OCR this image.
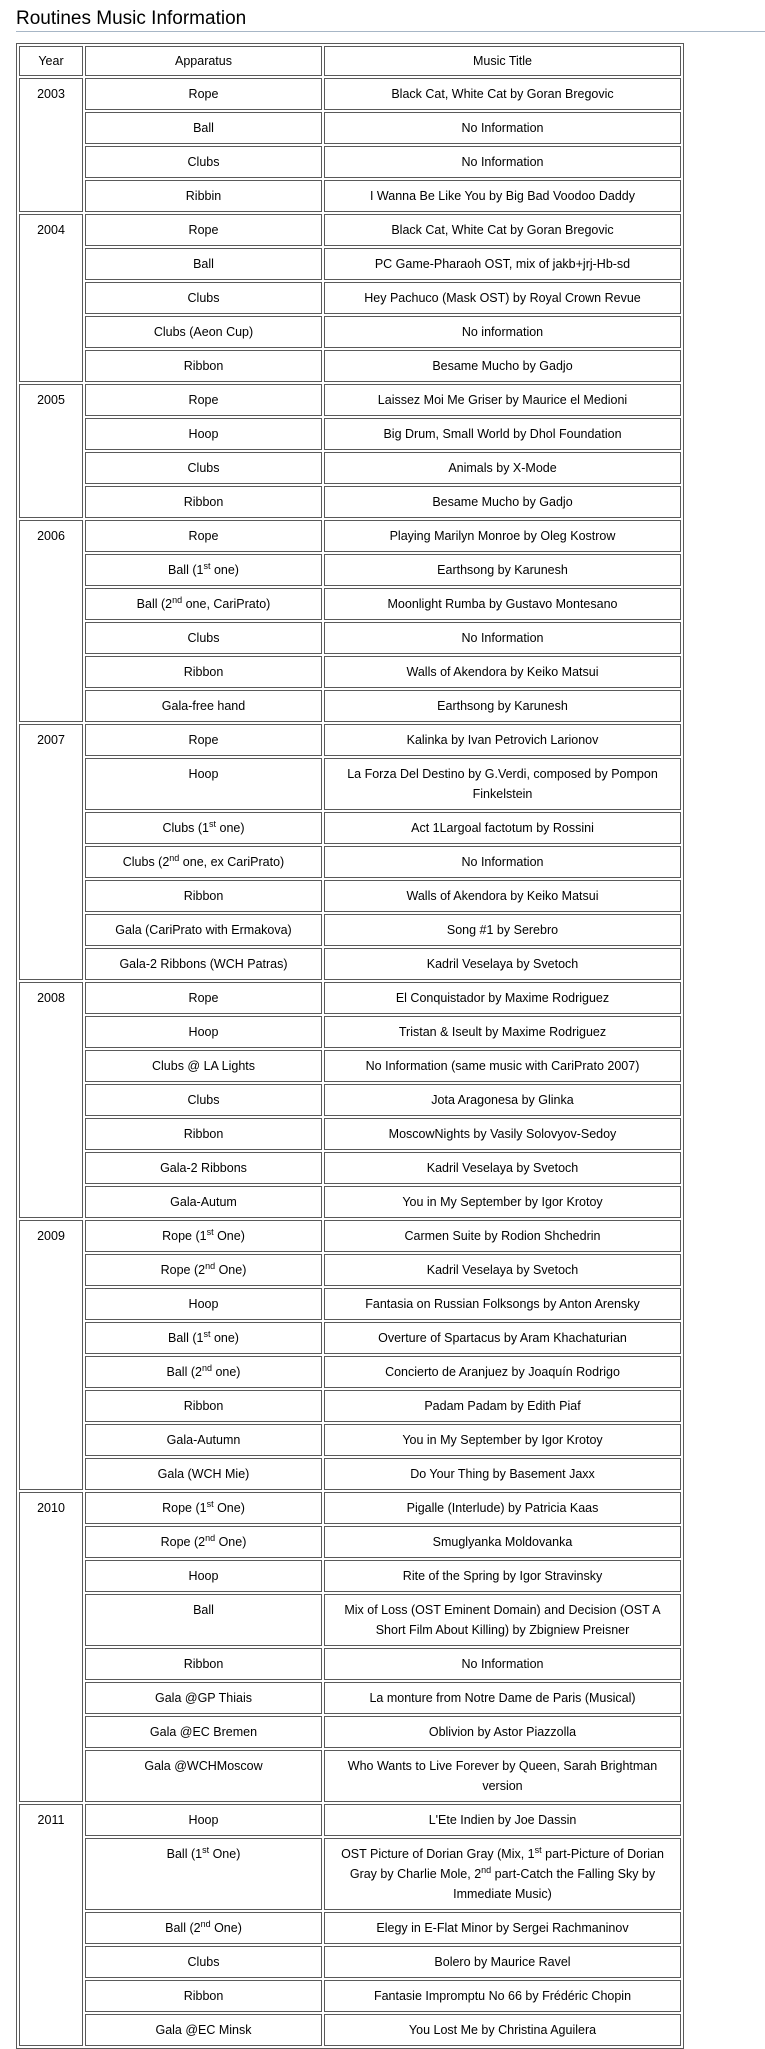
Routines Music Information
Year	Apparatus	Music Title
2003	Rope	Black Cat, White Cat by Goran Bregovic
	Ball	No Information
	Clubs	No Information
	Ribbin	I Wanna Be Like You by Big Bad Voodoo Daddy
2004	Rope	Black Cat, White Cat by Goran Bregovic
	Ball	PC Game-Pharaoh OST, mix of jakb+jrj-Hb-sd
	Clubs	Hey Pachuco (Mask OST) by Royal Crown Revue
	Clubs (Aeon Cup)	No information
	Ribbon	Besame Mucho by Gadjo
2005	Rope	Laissez Moi Me Griser by Maurice el Medioni
	Hoop	Big Drum, Small World by Dhol Foundation
	Clubs	Animals by X-Mode
	Ribbon	Besame Mucho by Gadjo
2006	Rope	Playing Marilyn Monroe by Oleg Kostrow
	Ball (1st one)	Earthsong by Karunesh
	Ball (2nd one, CariPrato)	Moonlight Rumba by Gustavo Montesano
	Clubs	No Information
	Ribbon	Walls of Akendora by Keiko Matsui
	Gala-free hand	Earthsong by Karunesh
2007	Rope	Kalinka by Ivan Petrovich Larionov
	Hoop	La Forza Del Destino by G.Verdi, composed by Pompon Finkelstein
	Clubs (1st one)	Act 1Largoal factotum by Rossini
	Clubs (2nd one, ex CariPrato)	No Information
	Ribbon	Walls of Akendora by Keiko Matsui
	Gala (CariPrato with Ermakova)	Song #1 by Serebro
	Gala-2 Ribbons (WCH Patras)	Kadril Veselaya by Svetoch
2008	Rope	El Conquistador by Maxime Rodriguez
	Hoop	Tristan & Iseult by Maxime Rodriguez
	Clubs @ LA Lights	No Information (same music with CariPrato 2007)
	Clubs	Jota Aragonesa by Glinka
	Ribbon	MoscowNights by Vasily Solovyov-Sedoy
	Gala-2 Ribbons	Kadril Veselaya by Svetoch
	Gala-Autum	You in My September by Igor Krotoy
2009	Rope (1st One)	Carmen Suite by Rodion Shchedrin
	Rope (2nd One)	Kadril Veselaya by Svetoch
	Hoop	Fantasia on Russian Folksongs by Anton Arensky
	Ball (1st one)	Overture of Spartacus by Aram Khachaturian
	Ball (2nd one)	Concierto de Aranjuez by Joaquín Rodrigo
	Ribbon	Padam Padam by Edith Piaf
	Gala-Autumn	You in My September by Igor Krotoy
	Gala (WCH Mie)	Do Your Thing by Basement Jaxx
2010	Rope (1st One)	Pigalle (Interlude) by Patricia Kaas
	Rope (2nd One)	Smuglyanka Moldovanka
	Hoop	Rite of the Spring by Igor Stravinsky
	Ball	Mix of Loss (OST Eminent Domain) and Decision (OST A Short Film About Killing) by Zbigniew Preisner
	Ribbon	No Information
	Gala @GP Thiais	La monture from Notre Dame de Paris (Musical)
	Gala @EC Bremen	Oblivion by Astor Piazzolla
	Gala @WCHMoscow	Who Wants to Live Forever by Queen, Sarah Brightman version
2011	Hoop	L'Ete Indien by Joe Dassin
	Ball (1st One)	OST Picture of Dorian Gray (Mix, 1st part-Picture of Dorian Gray by Charlie Mole, 2nd part-Catch the Falling Sky by Immediate Music)
	Ball (2nd One)	Elegy in E-Flat Minor by Sergei Rachmaninov
	Clubs	Bolero by Maurice Ravel
	Ribbon	Fantasie Impromptu No 66 by Frédéric Chopin
	Gala @EC Minsk	You Lost Me by Christina Aguilera
